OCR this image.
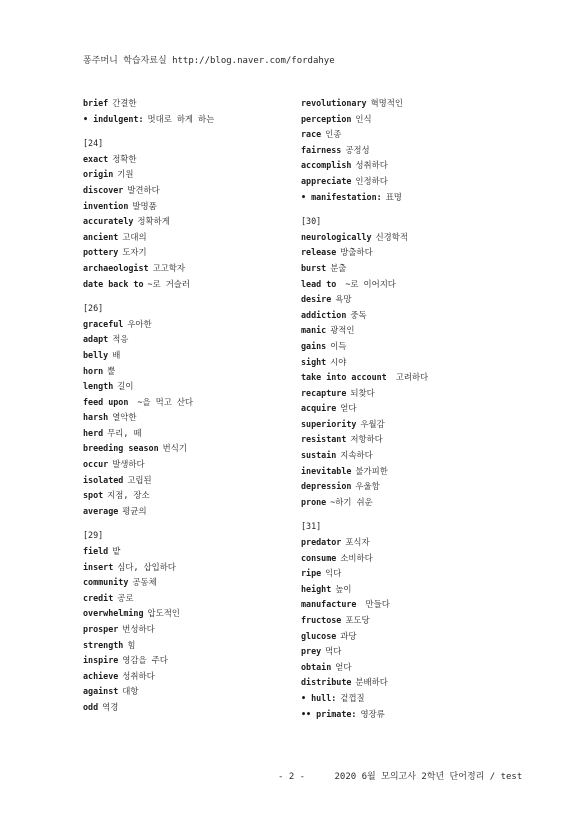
퐁주머니 학습자료실 http://blog.naver.com/fordahye
brief 간결한
• indulgent: 멋대로 하게 하는
[24]
exact 정확한
origin 기원
discover 발견하다
invention 발명품
accurately 정확하게
ancient 고대의
pottery 도자기
archaeologist 고고학자
date back to ~로 거슬러
[26]
graceful 우아한
adapt 적응
belly 배
horn 뿔
length 길이
feed upon ~을 먹고 산다
harsh 열악한
herd 무리, 떼
breeding season 번식기
occur 발생하다
isolated 고립된
spot 지점, 장소
average 평균의
[29]
field 밭
insert 심다, 삽입하다
community 공동체
credit 공로
overwhelming 압도적인
prosper 번성하다
strength 힘
inspire 영감을 주다
achieve 성취하다
against 대항
odd 역경
revolutionary 혁명적인
perception 인식
race 인종
fairness 공정성
accomplish 성취하다
appreciate 인정하다
• manifestation: 표명
[30]
neurologically 신경학적
release 방출하다
burst 분출
lead to ~로 이어지다
desire 욕망
addiction 중독
manic 광적인
gains 이득
sight 시야
take into account 고려하다
recapture 되찾다
acquire 얻다
superiority 우월감
resistant 저항하다
sustain 지속하다
inevitable 불가피한
depression 우울함
prone ~하기 쉬운
[31]
predator 포식자
consume 소비하다
ripe 익다
height 높이
manufacture 만들다
fructose 포도당
glucose 과당
prey 먹다
obtain 얻다
distribute 분배하다
• hull: 겉껍질
•• primate: 영장류
- 2 -	2020 6월 모의고사 2학년 단어정리 / test
